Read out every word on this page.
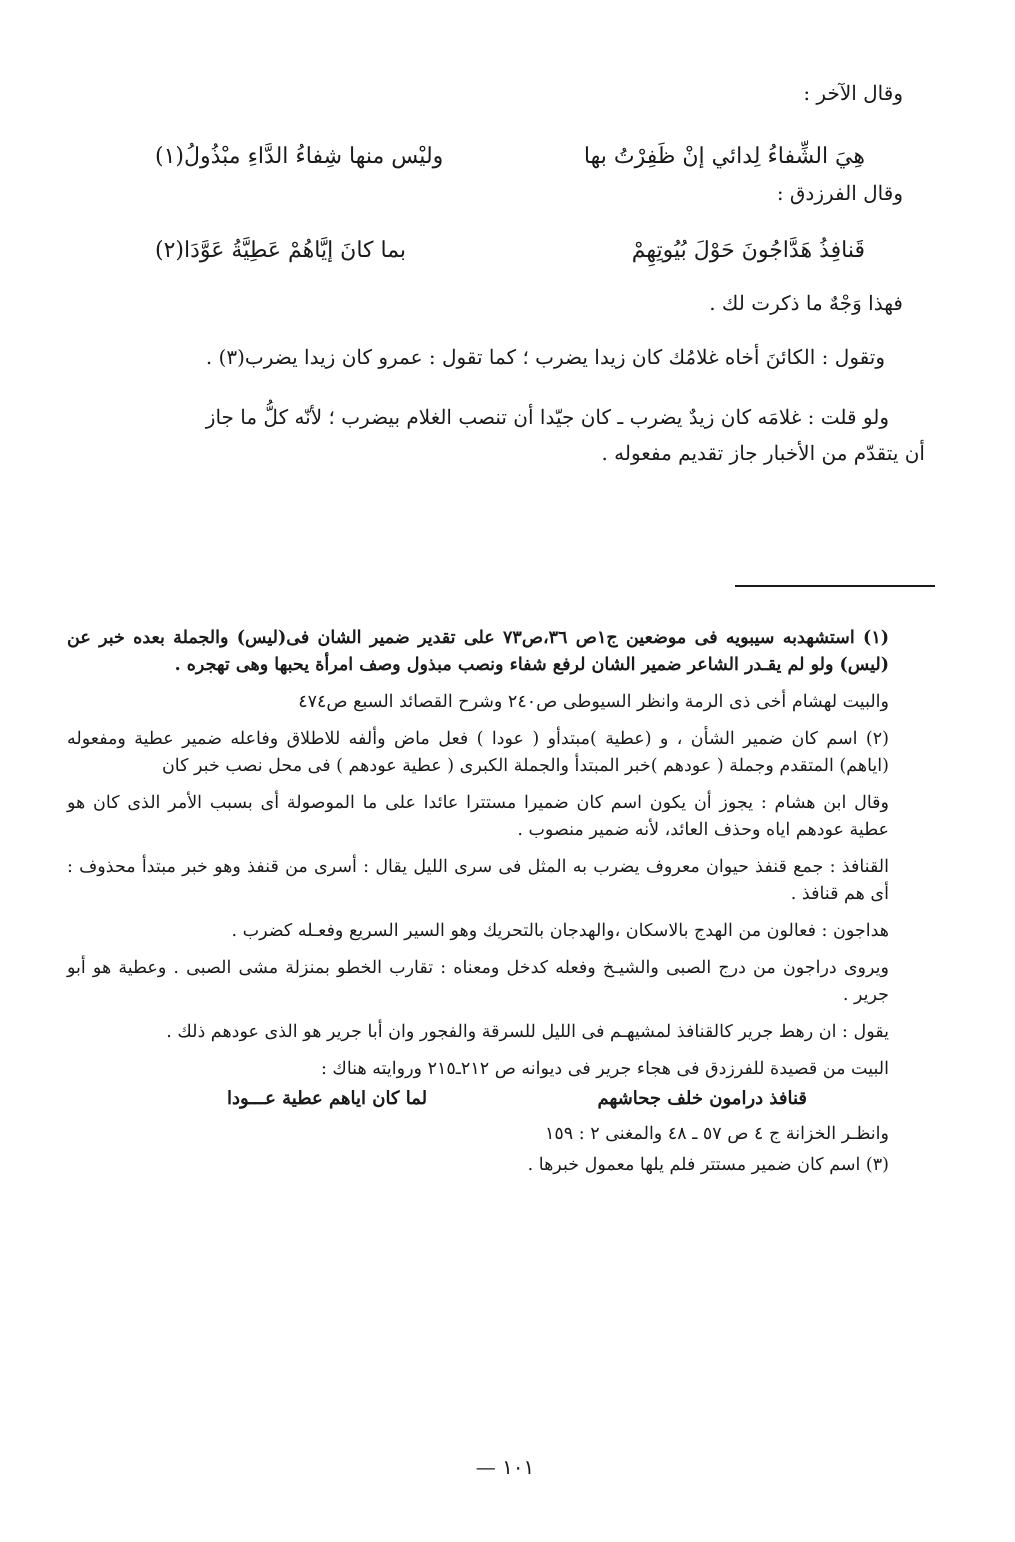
وقال الآخر :
هِيَ الشِّفاءُ لِدائي إنْ ظَفِرْتُ بها
وليْس منها شِفاءُ الدَّاءِ مبْذُولُ(١)
وقال الفرزدق :
قَنافِذُ هَدَّاجُونَ حَوْلَ بُيُوتِهِمْ
بما كانَ إيَّاهُمْ عَطِيَّةُ عَوَّدَا(٢)
فهذا وَجْهٌ ما ذكرت لك .
وتقول : الكائنَ أخاه غلامُك كان زيدا يضرب ؛ كما تقول : عمرو كان زيدا يضرب(٣) .
ولو قلت : غلامَه كان زيدٌ يضرب ـ كان جيّدا أن تنصب الغلام بيضرب ؛ لأنّه كلُّ ما جاز
أن يتقدّم من الأخبار جاز تقديم مفعوله .

(١) استشهدبه سيبويه فى موضعين ج١ص ٣٦،ص٧٣ على تقدير ضمير الشان فى(ليس) والجملة بعده خبر عن (ليس) ولو لم يقـدر الشاعر ضمير الشان لرفع شفاء ونصب مبذول وصف امرأة يحبها وهى تهجره .

والبيت لهشام أخى ذى الرمة وانظر السيوطى ص٢٤٠ وشرح القصائد السبع ص٤٧٤

(٢) اسم كان ضمير الشأن ، و (عطية )مبتدأو ( عودا ) فعل ماض وألفه للاطلاق وفاعله ضمير عطية ومفعوله (اياهم) المتقدم وجملة ( عودهم )خبر المبتدأ والجملة الكبرى ( عطية عودهم ) فى محل نصب خبر كان

وقال ابن هشام : يجوز أن يكون اسم كان ضميرا مستترا عائدا على ما الموصولة أى بسبب الأمر الذى كان هو عطية عودهم اياه وحذف العائد، لأنه ضمير منصوب .

القنافذ : جمع قنفذ حيوان معروف يضرب به المثل فى سرى الليل يقال : أسرى من قنفذ وهو خبر مبتدأ محذوف : أى هم قنافذ .

هداجون : فعالون من الهدج بالاسكان ،والهدجان بالتحريك وهو السير السريع وفعـله كضرب .

ويروى دراجون من درج الصبى والشيـخ وفعله كدخل ومعناه : تقارب الخطو بمنزلة مشى الصبى . وعطية هو أبو جرير .

يقول : ان رهط جرير كالقنافذ لمشيهـم فى الليل للسرقة والفجور وان أبا جرير هو الذى عودهم ذلك .

البيت من قصيدة للفرزدق فى هجاء جرير فى ديوانه ص ٢١٢ـ٢١٥ وروايته هناك :

قنافذ درامون خلف جحاشهم
لما كان اياهم عطية عـــودا

وانظـر الخزانة ج ٤ ص ٥٧ ـ ٤٨ والمغنى ٢ : ١٥٩

(٣) اسم كان ضمير مستتر فلم يلها معمول خبرها .

— ١٠١
